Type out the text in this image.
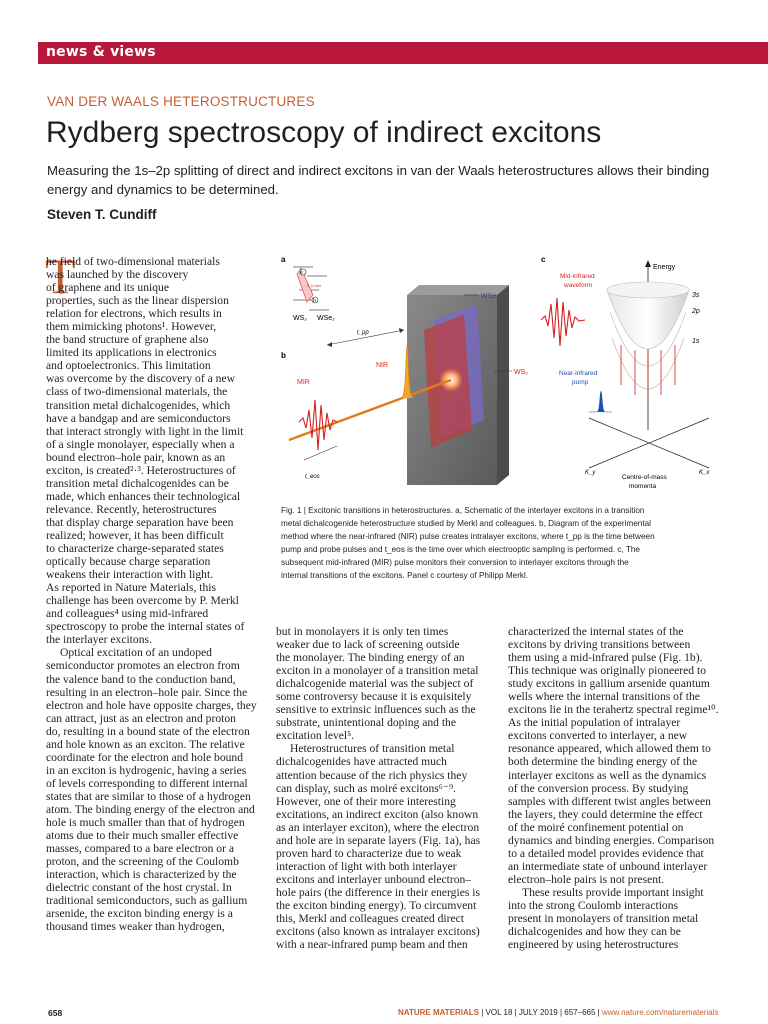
news & views
VAN DER WAALS HETEROSTRUCTURES
Rydberg spectroscopy of indirect excitons
Measuring the 1s–2p splitting of direct and indirect excitons in van der Waals heterostructures allows their binding energy and dynamics to be determined.
Steven T. Cundiff
T
he field of two-dimensional materials
was launched by the discovery
of graphene and its unique
properties, such as the linear dispersion
relation for electrons, which results in
them mimicking photons¹. However,
the band structure of graphene also
limited its applications in electronics
and optoelectronics. This limitation
was overcome by the discovery of a new
class of two-dimensional materials, the
transition metal dichalcogenides, which
have a bandgap and are semiconductors
that interact strongly with light in the limit
of a single monolayer, especially when a
bound electron–hole pair, known as an
exciton, is created²·³. Heterostructures of
transition metal dichalcogenides can be
made, which enhances their technological
relevance. Recently, heterostructures
that display charge separation have been
realized; however, it has been difficult
to characterize charge-separated states
optically because charge separation
weakens their interaction with light.
As reported in Nature Materials, this
challenge has been overcome by P. Merkl
and colleagues⁴ using mid-infrared
spectroscopy to probe the internal states of
the interlayer excitons.
Optical excitation of an undoped
semiconductor promotes an electron from
the valence band to the conduction band,
resulting in an electron–hole pair. Since the
electron and hole have opposite charges, they
can attract, just as an electron and proton
do, resulting in a bound state of the electron
and hole known as an exciton. The relative
coordinate for the electron and hole bound
in an exciton is hydrogenic, having a series
of levels corresponding to different internal
states that are similar to those of a hydrogen
atom. The binding energy of the electron and
hole is much smaller than that of hydrogen
atoms due to their much smaller effective
masses, compared to a bare electron or a
proton, and the screening of the Coulomb
interaction, which is characterized by the
dielectric constant of the host crystal. In
traditional semiconductors, such as gallium
arsenide, the exciton binding energy is a
thousand times weaker than hydrogen,
but in monolayers it is only ten times
weaker due to lack of screening outside
the monolayer. The binding energy of an
exciton in a monolayer of a transition metal
dichalcogenide material was the subject of
some controversy because it is exquisitely
sensitive to extrinsic influences such as the
substrate, unintentional doping and the
excitation level⁵.
Heterostructures of transition metal
dichalcogenides have attracted much
attention because of the rich physics they
can display, such as moiré excitons⁶⁻⁹.
However, one of their more interesting
excitations, an indirect exciton (also known
as an interlayer exciton), where the electron
and hole are in separate layers (Fig. 1a), has
proven hard to characterize due to weak
interaction of light with both interlayer
excitons and interlayer unbound electron–
hole pairs (the difference in their energies is
the exciton binding energy). To circumvent
this, Merkl and colleagues created direct
excitons (also known as intralayer excitons)
with a near-infrared pump beam and then
characterized the internal states of the
excitons by driving transitions between
them using a mid-infrared pulse (Fig. 1b).
This technique was originally pioneered to
study excitons in gallium arsenide quantum
wells where the internal transitions of the
excitons lie in the terahertz spectral regime¹⁰.
As the initial population of intralayer
excitons converted to interlayer, a new
resonance appeared, which allowed them to
both determine the binding energy of the
interlayer excitons as well as the dynamics
of the conversion process. By studying
samples with different twist angles between
the layers, they could determine the effect
of the moiré confinement potential on
dynamics and binding energies. Comparison
to a detailed model provides evidence that
an intermediate state of unbound interlayer
electron–hole pairs is not present.
These results provide important insight
into the strong Coulomb interactions
present in monolayers of transition metal
dichalcogenides and how they can be
engineered by using heterostructures
a
e
h
E_b,inter
WS₂ WSe₂
b
WSe₂
WS₂
NIR
MIR
t_pp
t_eos
c
Energy
K_y	K_x
Centre-of-mass
momenta
3s
2p
1s
Mid-infrared
waveform
Near-infrared
pump
Fig. 1 | Excitonic transitions in heterostructures. a, Schematic of the interlayer excitons in a transition
metal dichalcogenide heterostructure studied by Merkl and colleagues. b, Diagram of the experimental
method where the near-infrared (NIR) pulse creates intralayer excitons, where t_pp is the time between
pump and probe pulses and t_eos is the time over which electrooptic sampling is performed. c, The
subsequent mid-infrared (MIR) pulse monitors their conversion to interlayer excitons through the
internal transitions of the excitons. Panel c courtesy of Philipp Merkl.
658	NATURE MATERIALS | VOL 18 | JULY 2019 | 657–665 | www.nature.com/naturematerials
